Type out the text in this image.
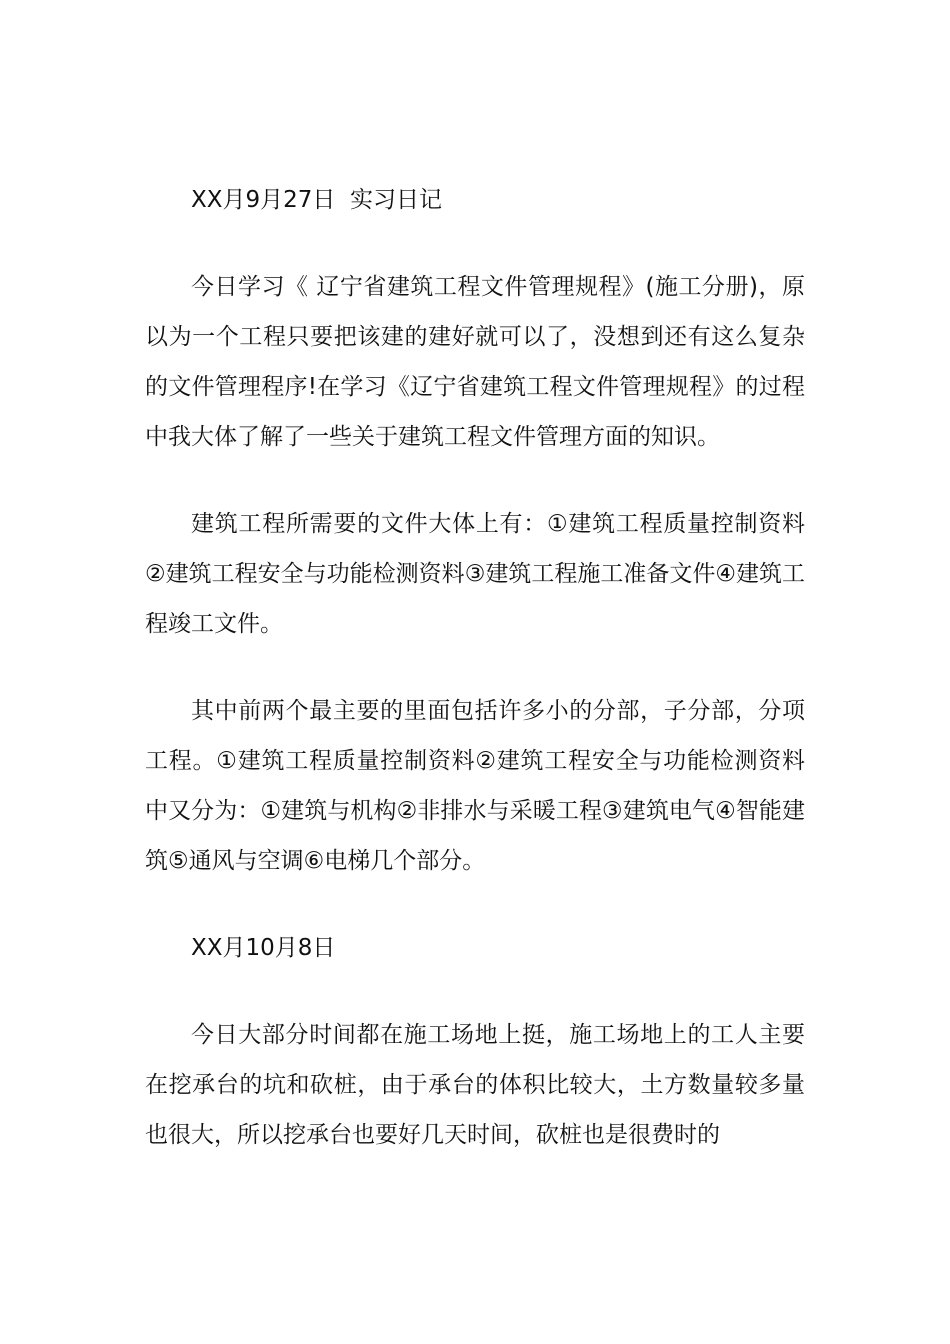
XX月9月27日  实习日记

今日学习《 辽宁省建筑工程文件管理规程》(施工分册)，原以为一个工程只要把该建的建好就可以了，没想到还有这么复杂的文件管理程序!在学习《辽宁省建筑工程文件管理规程》的过程中我大体了解了一些关于建筑工程文件管理方面的知识。

建筑工程所需要的文件大体上有：①建筑工程质量控制资料②建筑工程安全与功能检测资料③建筑工程施工准备文件④建筑工程竣工文件。

其中前两个最主要的里面包括许多小的分部，子分部，分项工程。①建筑工程质量控制资料②建筑工程安全与功能检测资料中又分为：①建筑与机构②非排水与采暖工程③建筑电气④智能建筑⑤通风与空调⑥电梯几个部分。

XX月10月8日

今日大部分时间都在施工场地上挺，施工场地上的工人主要在挖承台的坑和砍桩，由于承台的体积比较大，土方数量较多量也很大，所以挖承台也要好几天时间，砍桩也是很费时的
